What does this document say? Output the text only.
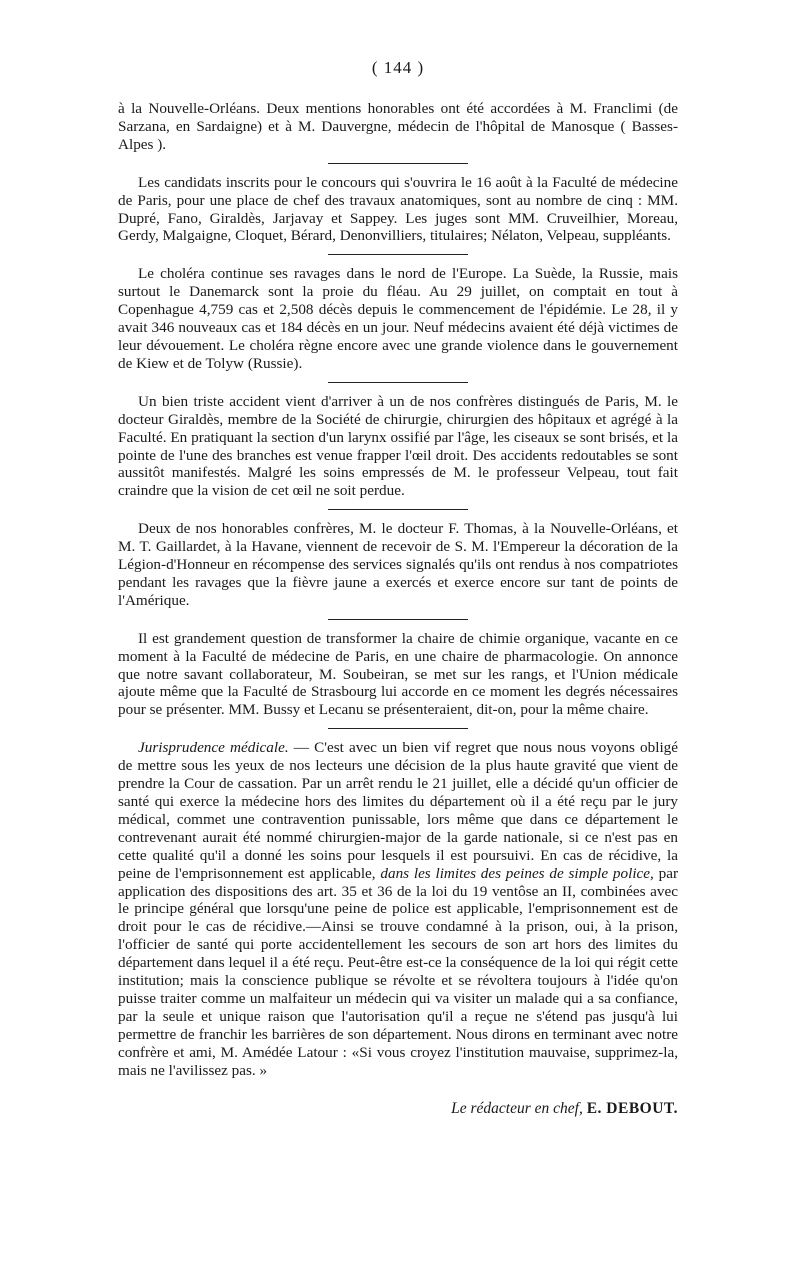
( 144 )

à la Nouvelle-Orléans. Deux mentions honorables ont été accordées à M. Franclimi (de Sarzana, en Sardaigne) et à M. Dauvergne, médecin de l'hôpital de Manosque ( Basses-Alpes ).

Les candidats inscrits pour le concours qui s'ouvrira le 16 août à la Faculté de médecine de Paris, pour une place de chef des travaux anatomiques, sont au nombre de cinq : MM. Dupré, Fano, Giraldès, Jarjavay et Sappey. Les juges sont MM. Cruveilhier, Moreau, Gerdy, Malgaigne, Cloquet, Bérard, Denonvilliers, titulaires; Nélaton, Velpeau, suppléants.

Le choléra continue ses ravages dans le nord de l'Europe. La Suède, la Russie, mais surtout le Danemarck sont la proie du fléau. Au 29 juillet, on comptait en tout à Copenhague 4,759 cas et 2,508 décès depuis le commencement de l'épidémie. Le 28, il y avait 346 nouveaux cas et 184 décès en un jour. Neuf médecins avaient été déjà victimes de leur dévouement. Le choléra règne encore avec une grande violence dans le gouvernement de Kiew et de Tolyw (Russie).

Un bien triste accident vient d'arriver à un de nos confrères distingués de Paris, M. le docteur Giraldès, membre de la Société de chirurgie, chirurgien des hôpitaux et agrégé à la Faculté. En pratiquant la section d'un larynx ossifié par l'âge, les ciseaux se sont brisés, et la pointe de l'une des branches est venue frapper l'œil droit. Des accidents redoutables se sont aussitôt manifestés. Malgré les soins empressés de M. le professeur Velpeau, tout fait craindre que la vision de cet œil ne soit perdue.

Deux de nos honorables confrères, M. le docteur F. Thomas, à la Nouvelle-Orléans, et M. T. Gaillardet, à la Havane, viennent de recevoir de S. M. l'Empereur la décoration de la Légion-d'Honneur en récompense des services signalés qu'ils ont rendus à nos compatriotes pendant les ravages que la fièvre jaune a exercés et exerce encore sur tant de points de l'Amérique.

Il est grandement question de transformer la chaire de chimie organique, vacante en ce moment à la Faculté de médecine de Paris, en une chaire de pharmacologie. On annonce que notre savant collaborateur, M. Soubeiran, se met sur les rangs, et l'Union médicale ajoute même que la Faculté de Strasbourg lui accorde en ce moment les degrés nécessaires pour se présenter. MM. Bussy et Lecanu se présenteraient, dit-on, pour la même chaire.

Jurisprudence médicale. — C'est avec un bien vif regret que nous nous voyons obligé de mettre sous les yeux de nos lecteurs une décision de la plus haute gravité que vient de prendre la Cour de cassation. Par un arrêt rendu le 21 juillet, elle a décidé qu'un officier de santé qui exerce la médecine hors des limites du département où il a été reçu par le jury médical, commet une contravention punissable, lors même que dans ce département le contrevenant aurait été nommé chirurgien-major de la garde nationale, si ce n'est pas en cette qualité qu'il a donné les soins pour lesquels il est poursuivi. En cas de récidive, la peine de l'emprisonnement est applicable, dans les limites des peines de simple police, par application des dispositions des art. 35 et 36 de la loi du 19 ventôse an II, combinées avec le principe général que lorsqu'une peine de police est applicable, l'emprisonnement est de droit pour le cas de récidive.—Ainsi se trouve condamné à la prison, oui, à la prison, l'officier de santé qui porte accidentellement les secours de son art hors des limites du département dans lequel il a été reçu. Peut-être est-ce la conséquence de la loi qui régit cette institution; mais la conscience publique se révolte et se révoltera toujours à l'idée qu'on puisse traiter comme un malfaiteur un médecin qui va visiter un malade qui a sa confiance, par la seule et unique raison que l'autorisation qu'il a reçue ne s'étend pas jusqu'à lui permettre de franchir les barrières de son département. Nous dirons en terminant avec notre confrère et ami, M. Amédée Latour : «Si vous croyez l'institution mauvaise, supprimez-la, mais ne l'avilissez pas. »

Le rédacteur en chef, E. DEBOUT.
